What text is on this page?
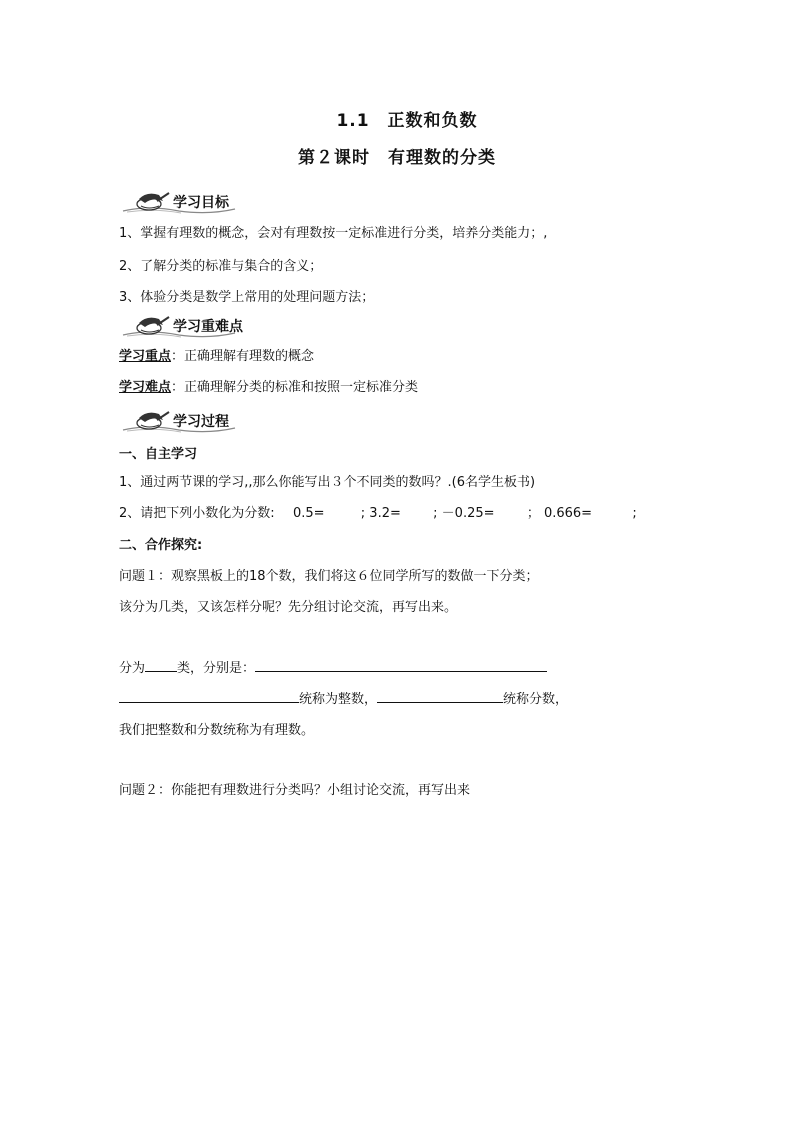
1.1　正数和负数
第２课时　有理数的分类
学习目标
1、掌握有理数的概念，会对有理数按一定标准进行分类，培养分类能力；,
2、了解分类的标准与集合的含义；
3、体验分类是数学上常用的处理问题方法；
学习重难点
学习重点：正确理解有理数的概念
学习难点：正确理解分类的标准和按照一定标准分类
学习过程
一、自主学习
1、通过两节课的学习,,那么你能写出３个不同类的数吗？.(6名学生板书)
2、请把下列小数化为分数: 0.5=	; 3.2= ; －0.25= ； 0.666=	;
二、合作探究:
问题１：观察黑板上的18个数，我们将这６位同学所写的数做一下分类；
该分为几类，又该怎样分呢？先分组讨论交流，再写出来。
分为 类，分别是：
统称为整数，	统称分数，
我们把整数和分数统称为有理数。
问题２：你能把有理数进行分类吗？小组讨论交流，再写出来
